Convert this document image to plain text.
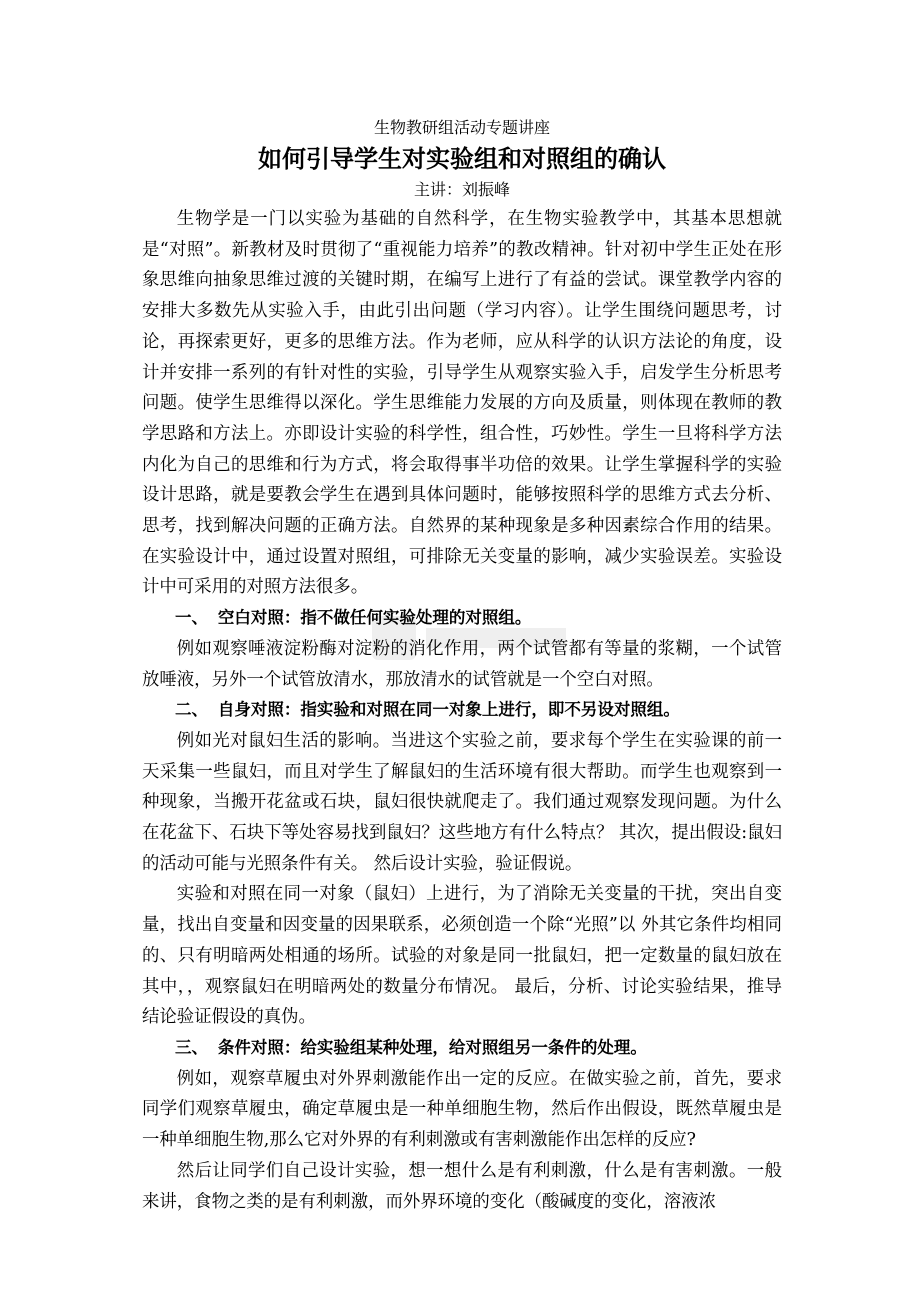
生物教研组活动专题讲座
如何引导学生对实验组和对照组的确认
主讲：刘振峰

生物学是一门以实验为基础的自然科学，在生物实验教学中，其基本思想就是“对照”。新教材及时贯彻了“重视能力培养”的教改精神。针对初中学生正处在形象思维向抽象思维过渡的关键时期，在编写上进行了有益的尝试。课堂教学内容的安排大多数先从实验入手，由此引出问题（学习内容）。让学生围绕问题思考，讨论，再探索更好，更多的思维方法。作为老师，应从科学的认识方法论的角度，设计并安排一系列的有针对性的实验，引导学生从观察实验入手，启发学生分析思考问题。使学生思维得以深化。学生思维能力发展的方向及质量，则体现在教师的教学思路和方法上。亦即设计实验的科学性，组合性，巧妙性。学生一旦将科学方法内化为自己的思维和行为方式，将会取得事半功倍的效果。让学生掌握科学的实验设计思路，就是要教会学生在遇到具体问题时，能够按照科学的思维方式去分析、思考，找到解决问题的正确方法。自然界的某种现象是多种因素综合作用的结果。在实验设计中，通过设置对照组，可排除无关变量的影响，减少实验误差。实验设计中可采用的对照方法很多。

一、 空白对照：指不做任何实验处理的对照组。

例如观察唾液淀粉酶对淀粉的消化作用，两个试管都有等量的浆糊，一个试管放唾液，另外一个试管放清水，那放清水的试管就是一个空白对照。

二、 自身对照：指实验和对照在同一对象上进行，即不另设对照组。

例如光对鼠妇生活的影响。当进这个实验之前，要求每个学生在实验课的前一天采集一些鼠妇，而且对学生了解鼠妇的生活环境有很大帮助。而学生也观察到一种现象，当搬开花盆或石块，鼠妇很快就爬走了。我们通过观察发现问题。为什么在花盆下、石块下等处容易找到鼠妇？这些地方有什么特点？ 其次，提出假设:鼠妇的活动可能与光照条件有关。 然后设计实验，验证假说。

实验和对照在同一对象（鼠妇）上进行，为了消除无关变量的干扰，突出自变量，找出自变量和因变量的因果联系，必须创造一个除“光照”以 外其它条件均相同的、只有明暗两处相通的场所。试验的对象是同一批鼠妇，把一定数量的鼠妇放在其中，，观察鼠妇在明暗两处的数量分布情况。 最后，分析、讨论实验结果，推导结论验证假设的真伪。

三、 条件对照：给实验组某种处理，给对照组另一条件的处理。

例如，观察草履虫对外界刺激能作出一定的反应。在做实验之前，首先，要求同学们观察草履虫，确定草履虫是一种单细胞生物，然后作出假设，既然草履虫是一种单细胞生物,那么它对外界的有利刺激或有害刺激能作出怎样的反应?

然后让同学们自己设计实验，想一想什么是有利刺激，什么是有害刺激。一般来讲，食物之类的是有利刺激，而外界环境的变化（酸碱度的变化，溶液浓
